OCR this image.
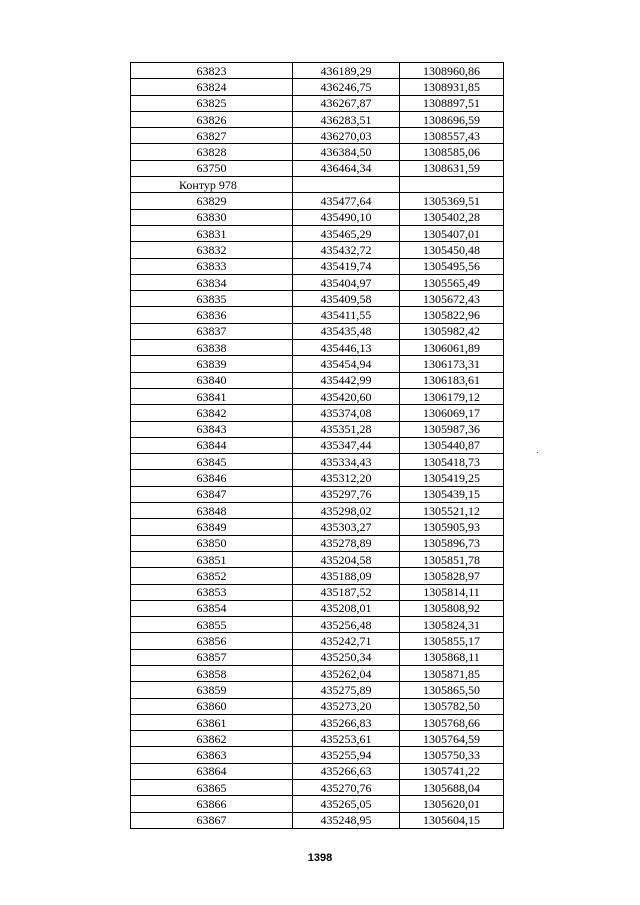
63823	436189,29	1308960,86
63824	436246,75	1308931,85
63825	436267,87	1308897,51
63826	436283,51	1308696,59
63827	436270,03	1308557,43
63828	436384,50	1308585,06
63750	436464,34	1308631,59
Контур 978		
63829	435477,64	1305369,51
63830	435490,10	1305402,28
63831	435465,29	1305407,01
63832	435432,72	1305450,48
63833	435419,74	1305495,56
63834	435404,97	1305565,49
63835	435409,58	1305672,43
63836	435411,55	1305822,96
63837	435435,48	1305982,42
63838	435446,13	1306061,89
63839	435454,94	1306173,31
63840	435442,99	1306183,61
63841	435420,60	1306179,12
63842	435374,08	1306069,17
63843	435351,28	1305987,36
63844	435347,44	1305440,87
63845	435334,43	1305418,73
63846	435312,20	1305419,25
63847	435297,76	1305439,15
63848	435298,02	1305521,12
63849	435303,27	1305905,93
63850	435278,89	1305896,73
63851	435204,58	1305851,78
63852	435188,09	1305828,97
63853	435187,52	1305814,11
63854	435208,01	1305808,92
63855	435256,48	1305824,31
63856	435242,71	1305855,17
63857	435250,34	1305868,11
63858	435262,04	1305871,85
63859	435275,89	1305865,50
63860	435273,20	1305782,50
63861	435266,83	1305768,66
63862	435253,61	1305764,59
63863	435255,94	1305750,33
63864	435266,63	1305741,22
63865	435270,76	1305688,04
63866	435265,05	1305620,01
63867	435248,95	1305604,15
1398
